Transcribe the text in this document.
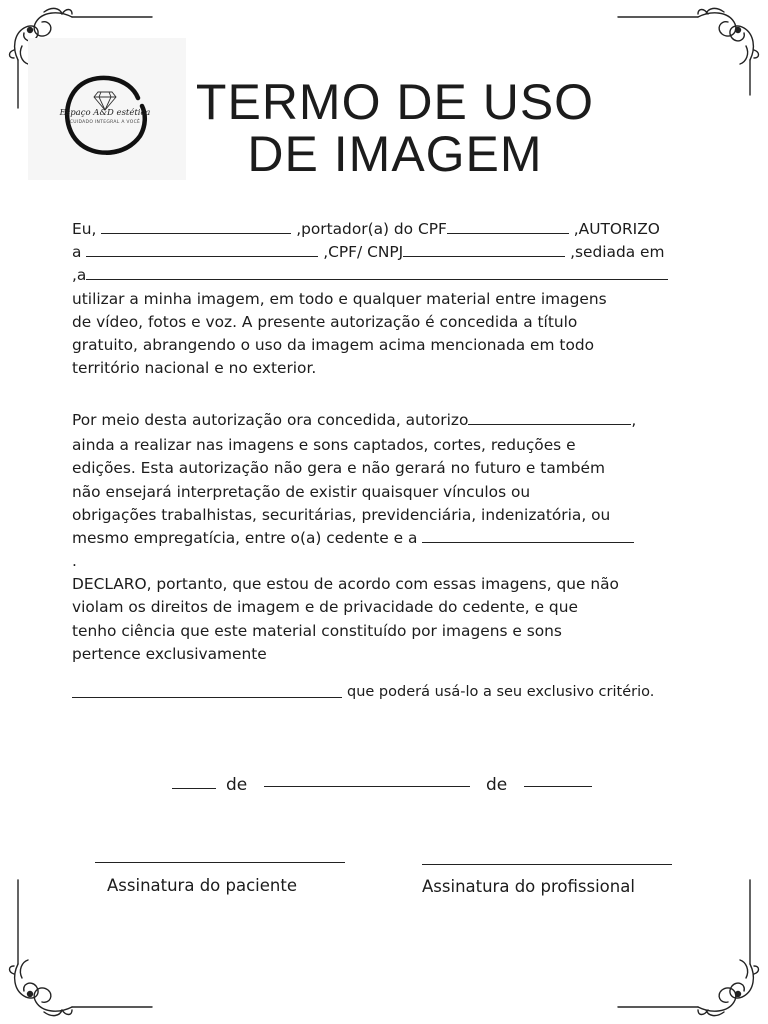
Espaço A&D estética
CUIDADO INTEGRAL A VOCÊ	TERMO DE USO
DE IMAGEM
Eu,	,portador(a) do CPF	,AUTORIZO
a	,CPF/ CNPJ	,sediada em
,a
utilizar a minha imagem, em todo e qualquer material entre imagens
de vídeo, fotos e voz. A presente autorização é concedida a título
gratuito, abrangendo o uso da imagem acima mencionada em todo
território nacional e no exterior.
Por meio desta autorização ora concedida, autorizo	,
ainda a realizar nas imagens e sons captados, cortes, reduções e
edições. Esta autorização não gera e não gerará no futuro e também
não ensejará interpretação de existir quaisquer vínculos ou
obrigações trabalhistas, securitárias, previdenciária, indenizatória, ou
mesmo empregatícia, entre o(a) cedente e a
.
DECLARO, portanto, que estou de acordo com essas imagens, que não
violam os direitos de imagem e de privacidade do cedente, e que
tenho ciência que este material constituído por imagens e sons
pertence exclusivamente
que poderá usá-lo a seu exclusivo critério.
de	de
Assinatura do paciente	Assinatura do profissional
